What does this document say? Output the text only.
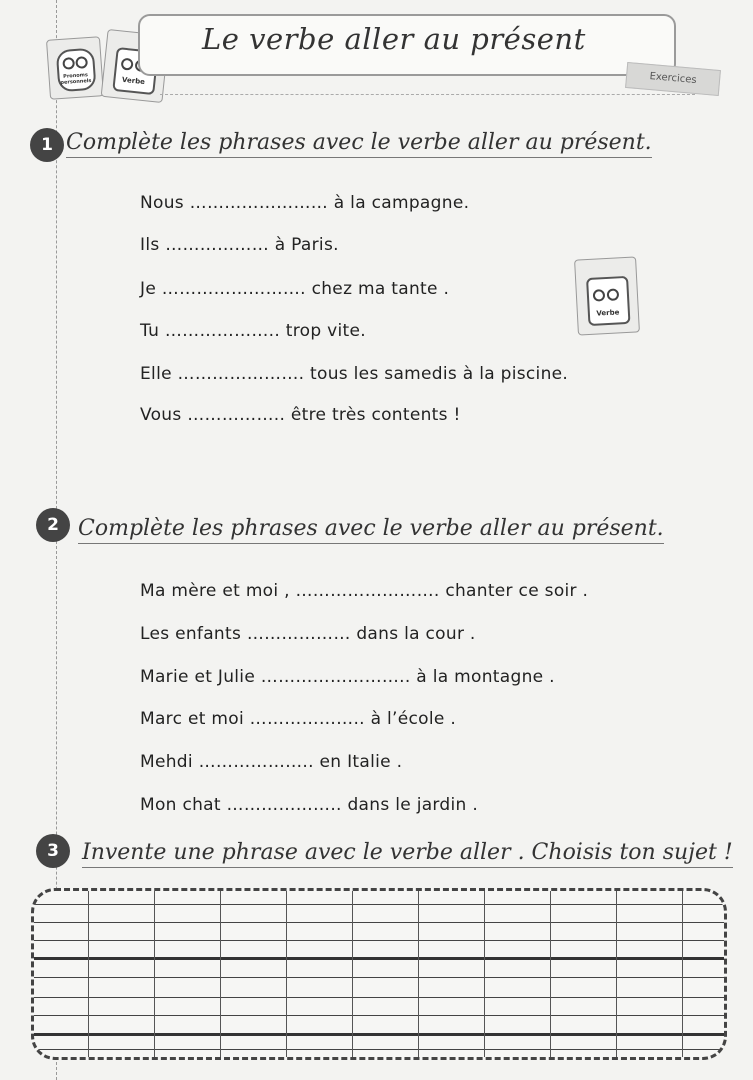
Pronoms personnels	Verbe
Le verbe aller au présent
Exercices
1 Complète les phrases avec le verbe aller au présent.
Nous …………………… à la campagne.
Ils ……………… à Paris.
Je ……………………. chez ma tante .
Tu ……………….. trop vite.
Elle …………………. tous les samedis à la piscine.
Vous …………….. être très contents !
Verbe
2 Complète les phrases avec le verbe aller au présent.
Ma mère et moi , ……………………. chanter ce soir .
Les enfants ……………… dans la cour .
Marie et Julie …………………….. à la montagne .
Marc et moi ……………….. à l’école .
Mehdi ……………….. en Italie .
Mon chat ……………….. dans le jardin .
3	Invente une phrase avec le verbe aller . Choisis ton sujet !
